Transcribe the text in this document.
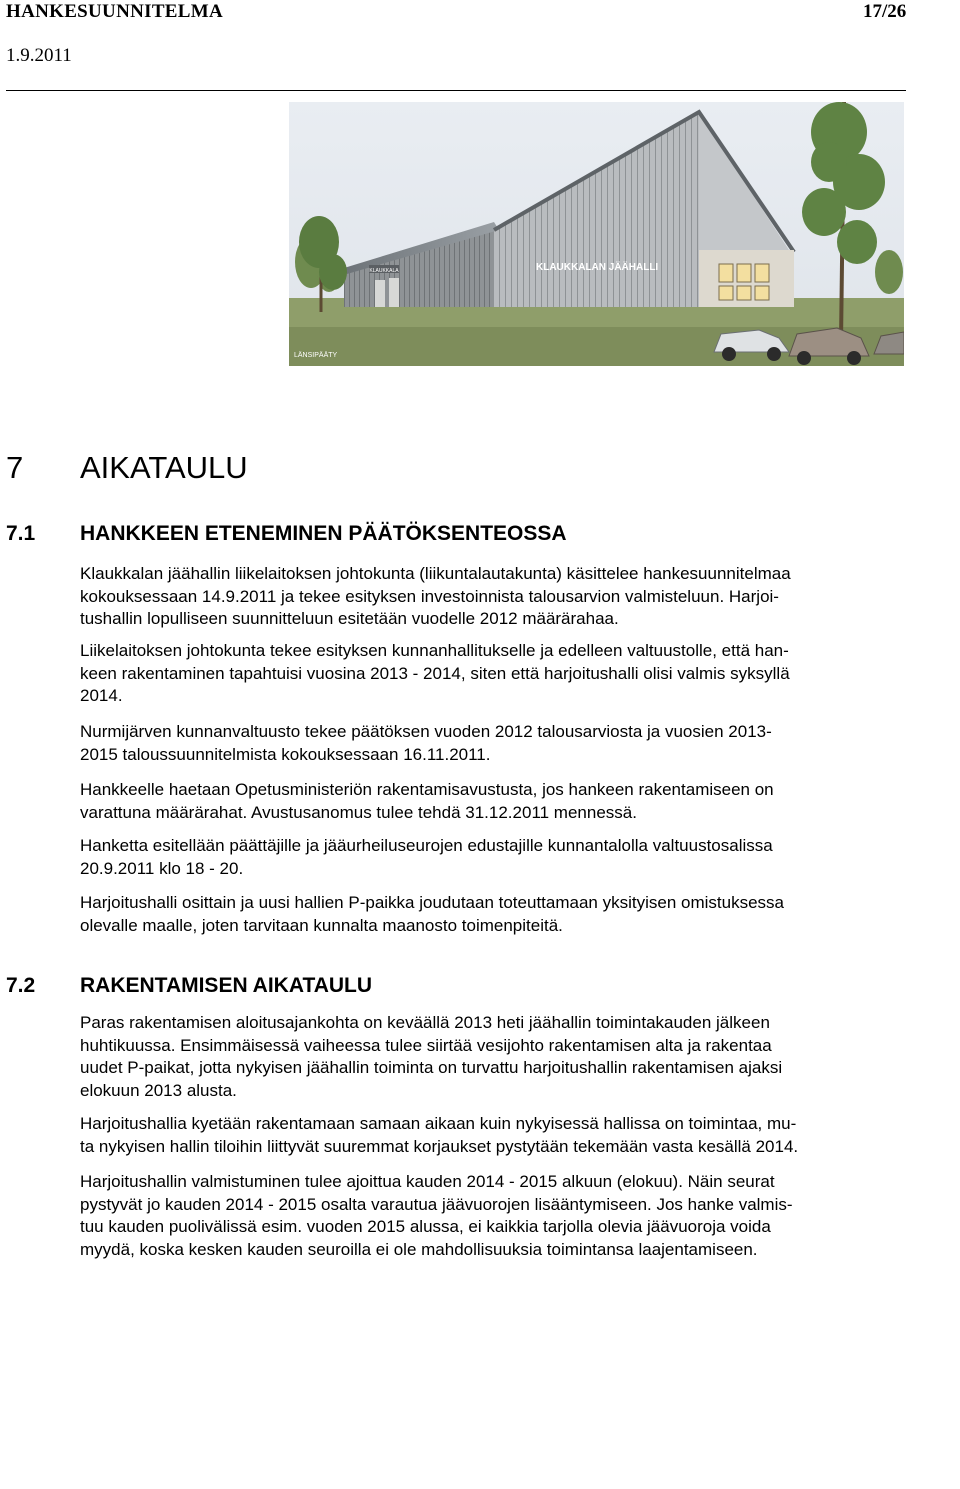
HANKESUUNNITELMA	17/26
1.9.2011
KLAUKKALA	KLAUKKALAN JÄÄHALLI
LÄNSIPÄÄTY
7 AIKATAULU
7.1 HANKKEEN ETENEMINEN PÄÄTÖKSENTEOSSA
Klaukkalan jäähallin liikelaitoksen johtokunta (liikuntalautakunta) käsittelee hankesuunnitelmaa
kokouksessaan 14.9.2011 ja tekee esityksen investoinnista talousarvion valmisteluun. Harjoi-
tushallin lopulliseen suunnitteluun esitetään vuodelle 2012 määrärahaa.
Liikelaitoksen johtokunta tekee esityksen kunnanhallitukselle ja edelleen valtuustolle, että han-
keen rakentaminen tapahtuisi vuosina 2013 - 2014, siten että harjoitushalli olisi valmis syksyllä
2014.
Nurmijärven kunnanvaltuusto tekee päätöksen vuoden 2012 talousarviosta ja vuosien 2013-
2015 taloussuunnitelmista kokouksessaan 16.11.2011.
Hankkeelle haetaan Opetusministeriön rakentamisavustusta, jos hankeen rakentamiseen on
varattuna määrärahat. Avustusanomus tulee tehdä 31.12.2011 mennessä.
Hanketta esitellään päättäjille ja jääurheiluseurojen edustajille kunnantalolla valtuustosalissa
20.9.2011 klo 18 - 20.
Harjoitushalli osittain ja uusi hallien P-paikka joudutaan toteuttamaan yksityisen omistuksessa
olevalle maalle, joten tarvitaan kunnalta maanosto toimenpiteitä.
7.2 RAKENTAMISEN AIKATAULU
Paras rakentamisen aloitusajankohta on keväällä 2013 heti jäähallin toimintakauden jälkeen
huhtikuussa. Ensimmäisessä vaiheessa tulee siirtää vesijohto rakentamisen alta ja rakentaa
uudet P-paikat, jotta nykyisen jäähallin toiminta on turvattu harjoitushallin rakentamisen ajaksi
elokuun 2013 alusta.
Harjoitushallia kyetään rakentamaan samaan aikaan kuin nykyisessä hallissa on toimintaa, mu-
ta nykyisen hallin tiloihin liittyvät suuremmat korjaukset pystytään tekemään vasta kesällä 2014.
Harjoitushallin valmistuminen tulee ajoittua kauden 2014 - 2015 alkuun (elokuu). Näin seurat
pystyvät jo kauden 2014 - 2015 osalta varautua jäävuorojen lisääntymiseen. Jos hanke valmis-
tuu kauden puolivälissä esim. vuoden 2015 alussa, ei kaikkia tarjolla olevia jäävuoroja voida
myydä, koska kesken kauden seuroilla ei ole mahdollisuuksia toimintansa laajentamiseen.
